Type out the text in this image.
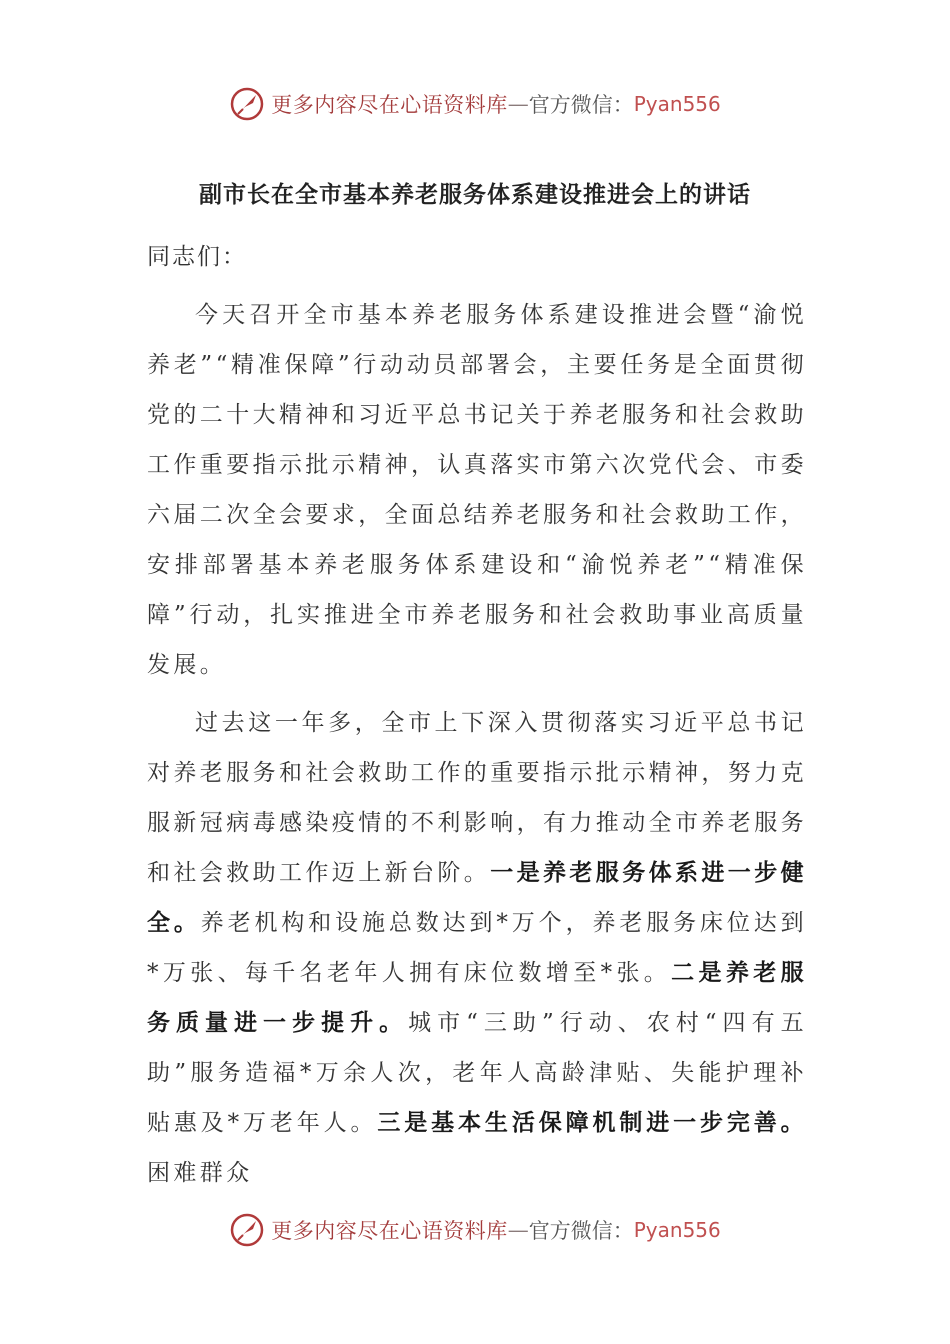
更多内容尽在心语资料库 — 官方微信： Pyan556
副市长在全市基本养老服务体系建设推进会上的讲话
同志们：

今天召开全市基本养老服务体系建设推进会暨“渝悦养老”“精准保障”行动动员部署会，主要任务是全面贯彻党的二十大精神和习近平总书记关于养老服务和社会救助工作重要指示批示精神，认真落实市第六次党代会、市委六届二次全会要求，全面总结养老服务和社会救助工作，安排部署基本养老服务体系建设和“渝悦养老”“精准保障”行动，扎实推进全市养老服务和社会救助事业高质量发展。

过去这一年多，全市上下深入贯彻落实习近平总书记对养老服务和社会救助工作的重要指示批示精神，努力克服新冠病毒感染疫情的不利影响，有力推动全市养老服务和社会救助工作迈上新台阶。一是养老服务体系进一步健全。养老机构和设施总数达到*万个，养老服务床位达到*万张、每千名老年人拥有床位数增至*张。二是养老服务质量进一步提升。城市“三助”行动、农村“四有五助”服务造福*万余人次，老年人高龄津贴、失能护理补贴惠及*万老年人。三是基本生活保障机制进一步完善。困难群众

更多内容尽在心语资料库 — 官方微信： Pyan556
